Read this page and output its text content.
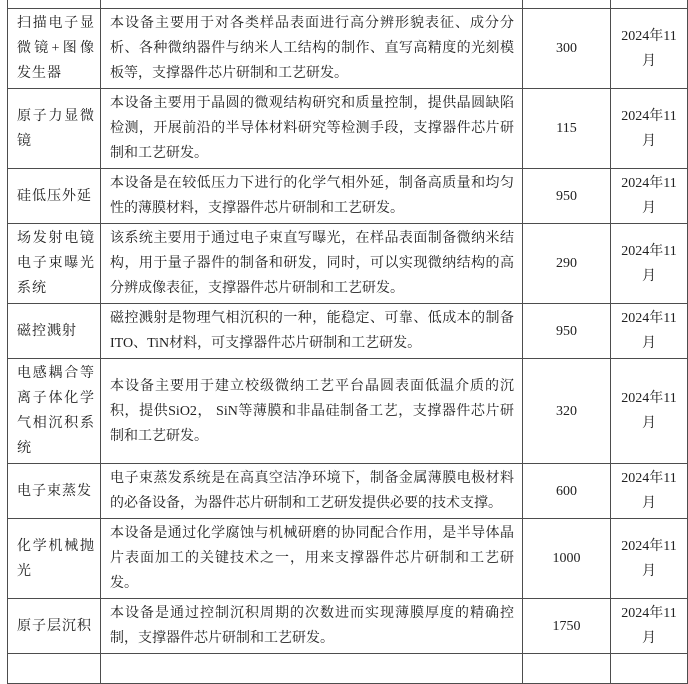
扫描电子显微镜+图像发生器	本设备主要用于对各类样品表面进行高分辨形貌表征、成分分析、各种微纳器件与纳米人工结构的制作、直写高精度的光刻模板等，支撑器件芯片研制和工艺研发。	300	2024年11月
原子力显微镜	本设备主要用于晶圆的微观结构研究和质量控制，提供晶圆缺陷检测，开展前沿的半导体材料研究等检测手段，支撑器件芯片研制和工艺研发。	115	2024年11月
硅低压外延	本设备是在较低压力下进行的化学气相外延，制备高质量和均匀性的薄膜材料，支撑器件芯片研制和工艺研发。	950	2024年11月
场发射电镜电子束曝光系统	该系统主要用于通过电子束直写曝光，在样品表面制备微纳米结构，用于量子器件的制备和研发，同时，可以实现微纳结构的高分辨成像表征，支撑器件芯片研制和工艺研发。	290	2024年11月
磁控溅射	磁控溅射是物理气相沉积的一种，能稳定、可靠、低成本的制备ITO、TiN材料，可支撑器件芯片研制和工艺研发。	950	2024年11月
电感耦合等离子体化学气相沉积系统	本设备主要用于建立校级微纳工艺平台晶圆表面低温介质的沉积，提供SiO2， SiN等薄膜和非晶硅制备工艺，支撑器件芯片研制和工艺研发。	320	2024年11月
电子束蒸发	电子束蒸发系统是在高真空洁净环境下，制备金属薄膜电极材料的必备设备，为器件芯片研制和工艺研发提供必要的技术支撑。	600	2024年11月
化学机械抛光	本设备是通过化学腐蚀与机械研磨的协同配合作用，是半导体晶片表面加工的关键技术之一，用来支撑器件芯片研制和工艺研发。	1000	2024年11月
原子层沉积	本设备是通过控制沉积周期的次数进而实现薄膜厚度的精确控制，支撑器件芯片研制和工艺研发。	1750	2024年11月
